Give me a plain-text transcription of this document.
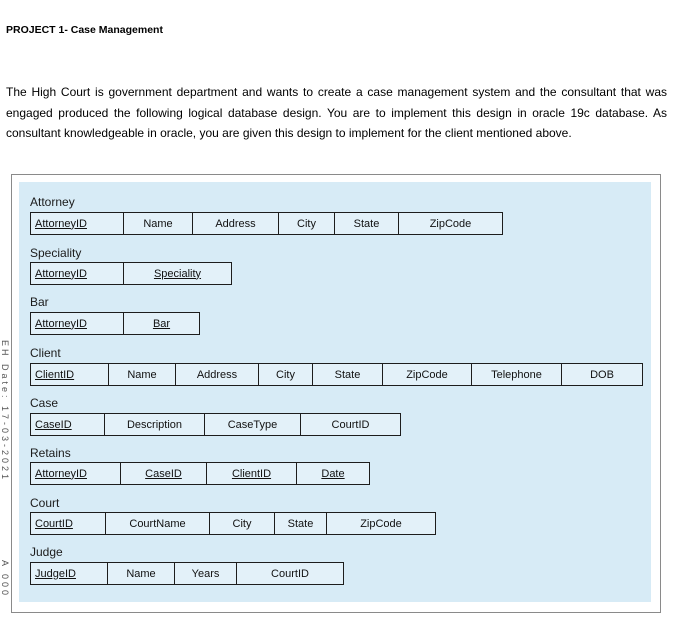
PROJECT 1- Case Management
The High Court is government department and wants to create a case management system and the consultant that was engaged produced the following logical database design. You are to implement this design in oracle 19c database. As consultant knowledgeable in oracle, you are given this design to implement for the client mentioned above.
EH Date: 17-03-2021
A 000
Attorney
AttorneyID	Name	Address	City	State	ZipCode
Speciality
AttorneyID	Speciality
Bar
AttorneyID	Bar
Client
ClientID	Name	Address	City	State	ZipCode	Telephone	DOB
Case
CaseID	Description	CaseType	CourtID
Retains
AttorneyID	CaseID	ClientID	Date
Court
CourtID	CourtName	City	State	ZipCode
Judge
JudgeID	Name	Years	CourtID
